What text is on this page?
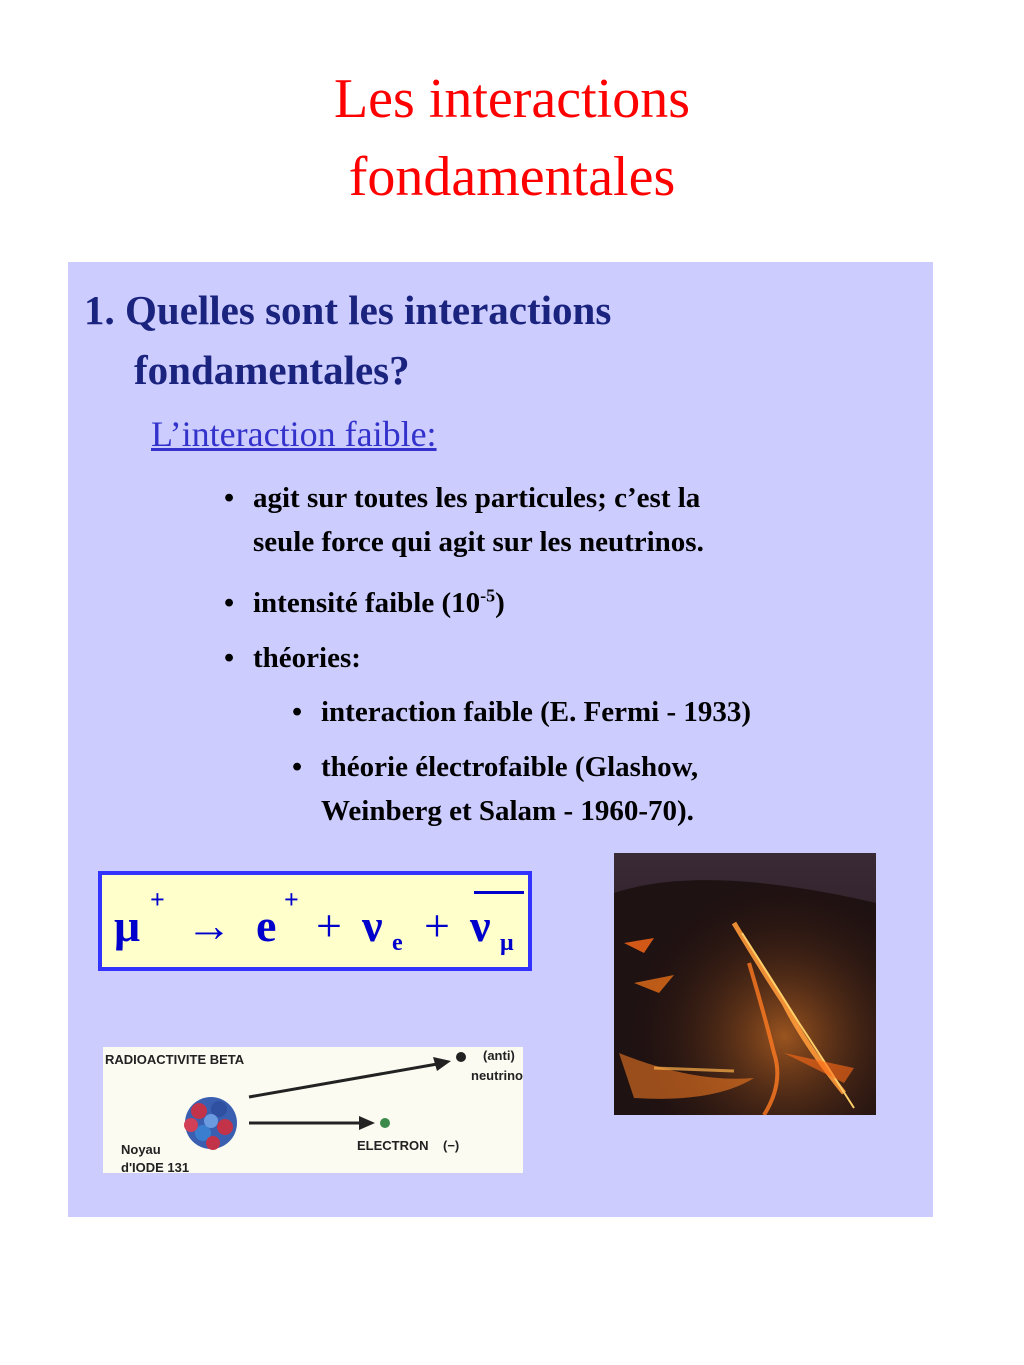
Les interactions
fondamentales
1. Quelles sont les interactions
fondamentales?
L’interaction faible:
• agit sur toutes les particules; c’est la
seule force qui agit sur les neutrinos.
• intensité faible $(10^{-5})$
• théories:
• interaction faible (E. Fermi - 1933)
• théorie électrofaible (Glashow,
Weinberg et Salam - 1960-70).
μ
+
→ e
+
+ ν e + ν μ
RADIOACTIVITE BETA	(anti)
neutrino
ELECTRON (−)
Noyau
d'IODE 131
